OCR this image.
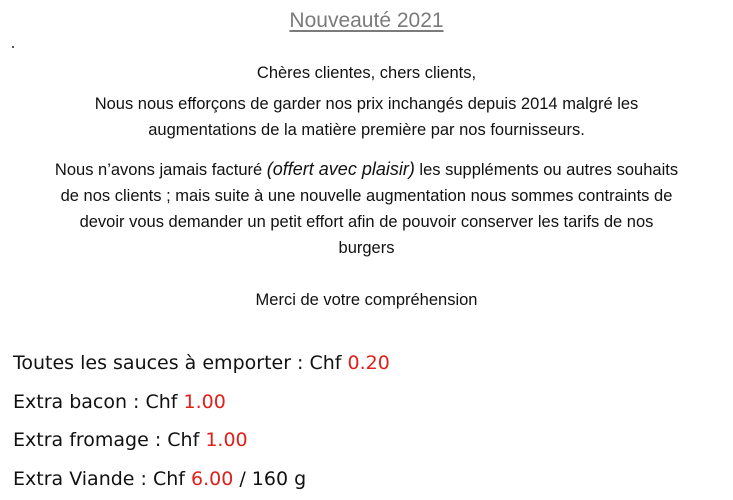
Nouveauté 2021
Chères clientes, chers clients,
Nous nous efforçons de garder nos prix inchangés depuis 2014 malgré les
augmentations de la matière première par nos fournisseurs.
Nous n’avons jamais facturé (offert avec plaisir) les suppléments ou autres souhaits
de nos clients ; mais suite à une nouvelle augmentation nous sommes contraints de
devoir vous demander un petit effort afin de pouvoir conserver les tarifs de nos
burgers
Merci de votre compréhension
Toutes les sauces à emporter : Chf 0.20
Extra bacon : Chf 1.00
Extra fromage : Chf 1.00
Extra Viande : Chf 6.00 / 160 g
